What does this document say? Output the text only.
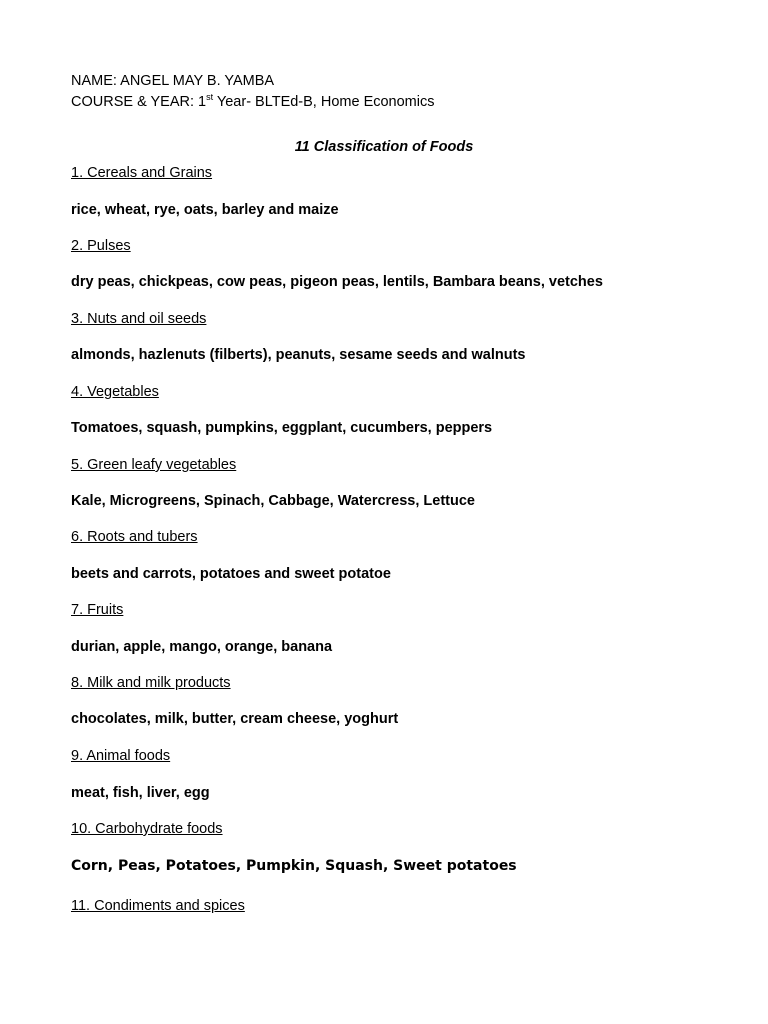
NAME: ANGEL MAY B. YAMBA
COURSE & YEAR: 1st Year- BLTEd-B, Home Economics
11 Classification of Foods
1. Cereals and Grains
rice, wheat, rye, oats, barley and maize
2. Pulses
dry peas, chickpeas, cow peas, pigeon peas, lentils, Bambara beans, vetches
3. Nuts and oil seeds
almonds, hazlenuts (filberts), peanuts, sesame seeds and walnuts
4. Vegetables
Tomatoes, squash, pumpkins, eggplant, cucumbers, peppers
5. Green leafy vegetables
Kale, Microgreens, Spinach, Cabbage, Watercress, Lettuce
6. Roots and tubers
beets and carrots, potatoes and sweet potatoe
7. Fruits
durian, apple, mango, orange, banana
8. Milk and milk products
chocolates, milk, butter, cream cheese, yoghurt
9. Animal foods
meat, fish, liver, egg
10. Carbohydrate foods
Corn, Peas, Potatoes, Pumpkin, Squash, Sweet potatoes
11. Condiments and spices
